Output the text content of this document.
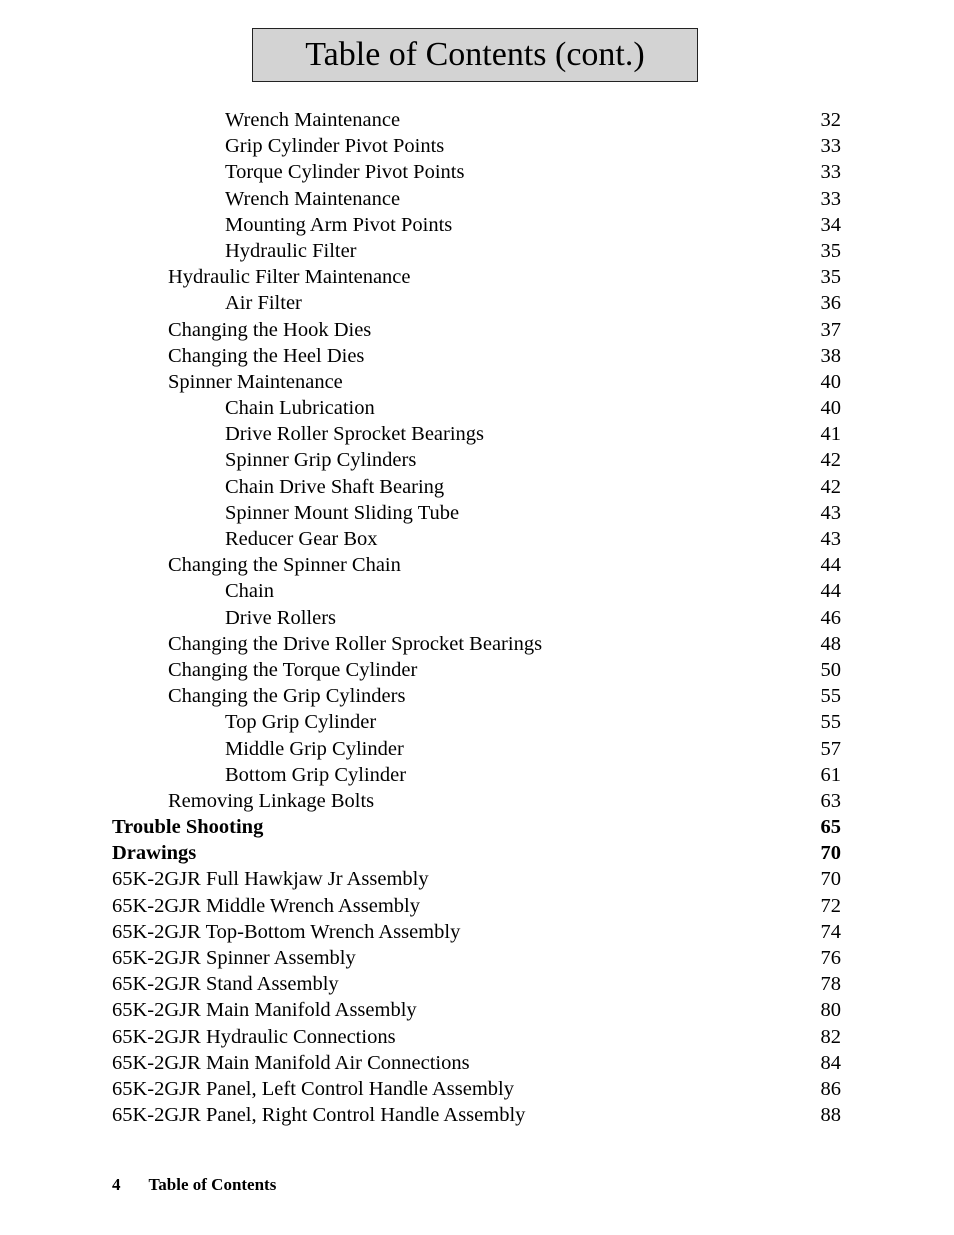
Table of Contents (cont.)
Wrench Maintenance	32
Grip Cylinder Pivot Points	33
Torque Cylinder Pivot Points	33
Wrench Maintenance	33
Mounting Arm Pivot Points	34
Hydraulic Filter	35
Hydraulic Filter Maintenance	35
Air Filter	36
Changing the Hook Dies	37
Changing the Heel Dies	38
Spinner Maintenance	40
Chain Lubrication	40
Drive Roller Sprocket Bearings	41
Spinner Grip Cylinders	42
Chain Drive Shaft Bearing	42
Spinner Mount Sliding Tube	43
Reducer Gear Box	43
Changing the Spinner Chain	44
Chain	44
Drive Rollers	46
Changing the Drive Roller Sprocket Bearings	48
Changing the Torque Cylinder	50
Changing the Grip Cylinders	55
Top Grip Cylinder	55
Middle Grip Cylinder	57
Bottom Grip Cylinder	61
Removing Linkage Bolts	63
Trouble Shooting	65
Drawings	70
65K-2GJR Full Hawkjaw Jr Assembly	70
65K-2GJR Middle Wrench Assembly	72
65K-2GJR Top-Bottom Wrench Assembly	74
65K-2GJR Spinner Assembly	76
65K-2GJR Stand Assembly	78
65K-2GJR Main Manifold Assembly	80
65K-2GJR Hydraulic Connections	82
65K-2GJR Main Manifold Air Connections	84
65K-2GJR Panel, Left Control Handle Assembly	86
65K-2GJR Panel, Right Control Handle Assembly	88
4 Table of Contents
